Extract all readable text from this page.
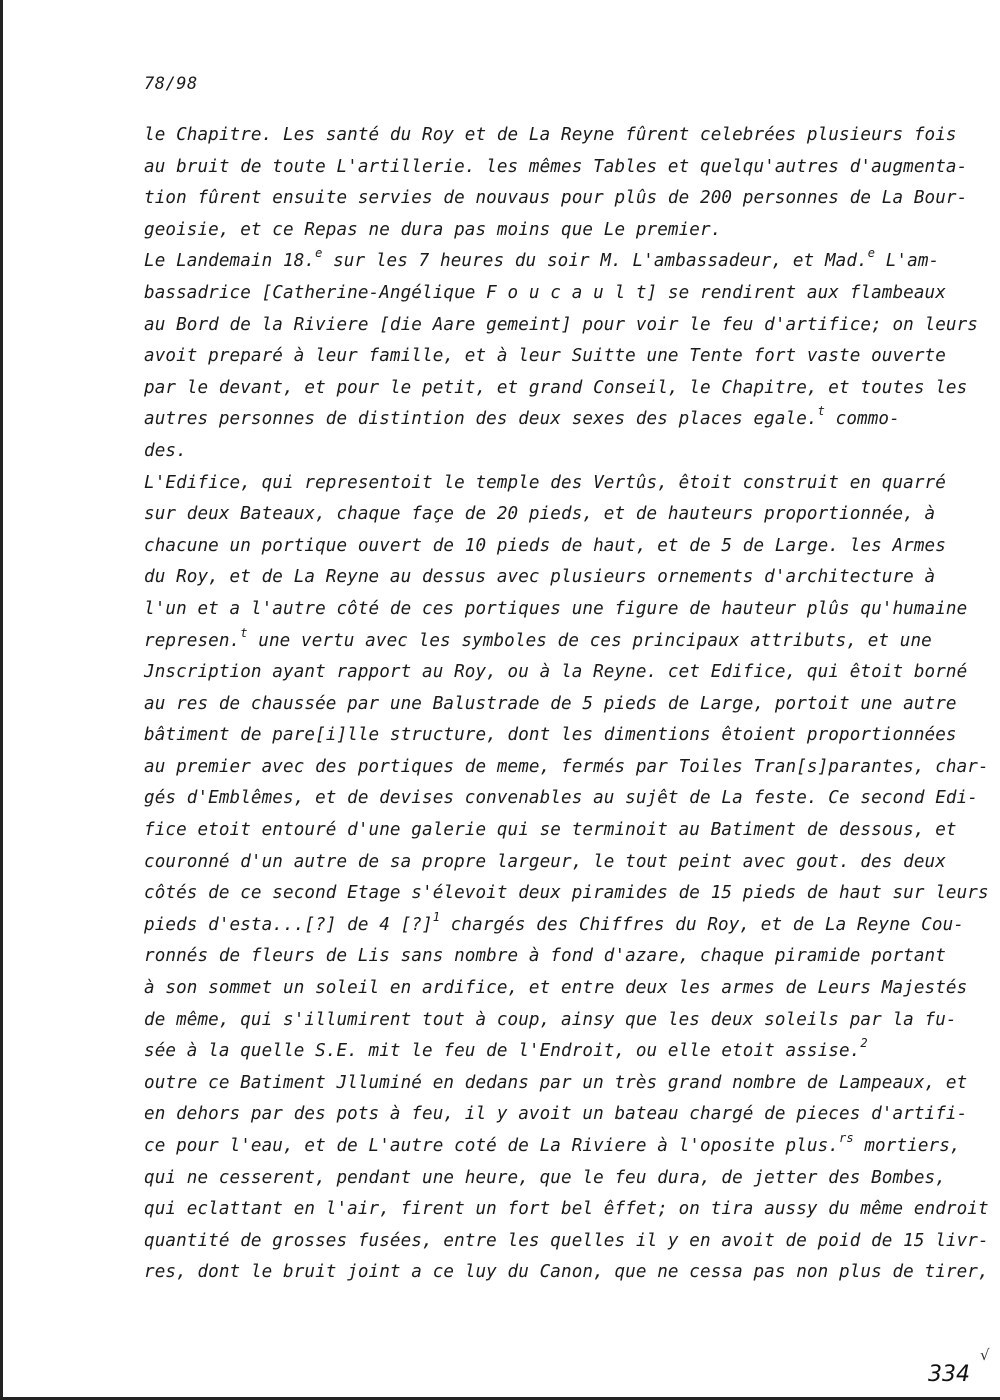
78/98
le Chapitre. Les santé du Roy et de La Reyne fûrent celebrées plusieurs fois
au bruit de toute L'artillerie. les mêmes Tables et quelqu'autres d'augmenta-
tion fûrent ensuite servies de nouvaus pour plûs de 200 personnes de La Bour-
geoisie, et ce Repas ne dura pas moins que Le premier.
Le Landemain 18.$^e$ sur les 7 heures du soir M. L'ambassadeur, et Mad.$^e$ L'am-
bassadrice [Catherine-Angélique F o u c a u l t] se rendirent aux flambeaux
au Bord de la Riviere [die Aare gemeint] pour voir le feu d'artifice; on leurs
avoit preparé à leur famille, et à leur Suitte une Tente fort vaste ouverte
par le devant, et pour le petit, et grand Conseil, le Chapitre, et toutes les
autres personnes de distintion des deux sexes des places egale.$^t$ commo-
des.
L'Edifice, qui representoit le temple des Vertûs, êtoit construit en quarré
sur deux Bateaux, chaque façe de 20 pieds, et de hauteurs proportionnée, à
chacune un portique ouvert de 10 pieds de haut, et de 5 de Large. les Armes
du Roy, et de La Reyne au dessus avec plusieurs ornements d'architecture à
l'un et a l'autre côté de ces portiques une figure de hauteur plûs qu'humaine
represen.$^t$ une vertu avec les symboles de ces principaux attributs, et une
Jnscription ayant rapport au Roy, ou à la Reyne. cet Edifice, qui êtoit borné
au res de chaussée par une Balustrade de 5 pieds de Large, portoit une autre
bâtiment de pare[i]lle structure, dont les dimentions êtoient proportionnées
au premier avec des portiques de meme, fermés par Toiles Tran[s]parantes, char-
gés d'Emblêmes, et de devises convenables au sujêt de La feste. Ce second Edi-
fice etoit entouré d'une galerie qui se terminoit au Batiment de dessous, et
couronné d'un autre de sa propre largeur, le tout peint avec gout. des deux
côtés de ce second Etage s'élevoit deux piramides de 15 pieds de haut sur leurs
pieds d'esta...[?] de 4 [?]$^1$ chargés des Chiffres du Roy, et de La Reyne Cou-
ronnés de fleurs de Lis sans nombre à fond d'azare, chaque piramide portant
à son sommet un soleil en ardifice, et entre deux les armes de Leurs Majestés
de même, qui s'illumirent tout à coup, ainsy que les deux soleils par la fu-
sée à la quelle S.E. mit le feu de l'Endroit, ou elle etoit assise.$^2$
outre ce Batiment Jlluminé en dedans par un très grand nombre de Lampeaux, et
en dehors par des pots à feu, il y avoit un bateau chargé de pieces d'artifi-
ce pour l'eau, et de L'autre coté de La Riviere à l'oposite plus.$^{rs}$ mortiers,
qui ne cesserent, pendant une heure, que le feu dura, de jetter des Bombes,
qui eclattant en l'air, firent un fort bel êffet; on tira aussy du même endroit
quantité de grosses fusées, entre les quelles il y en avoit de poid de 15 livr-
res, dont le bruit joint a ce luy du Canon, que ne cessa pas non plus de tirer,
334
√
